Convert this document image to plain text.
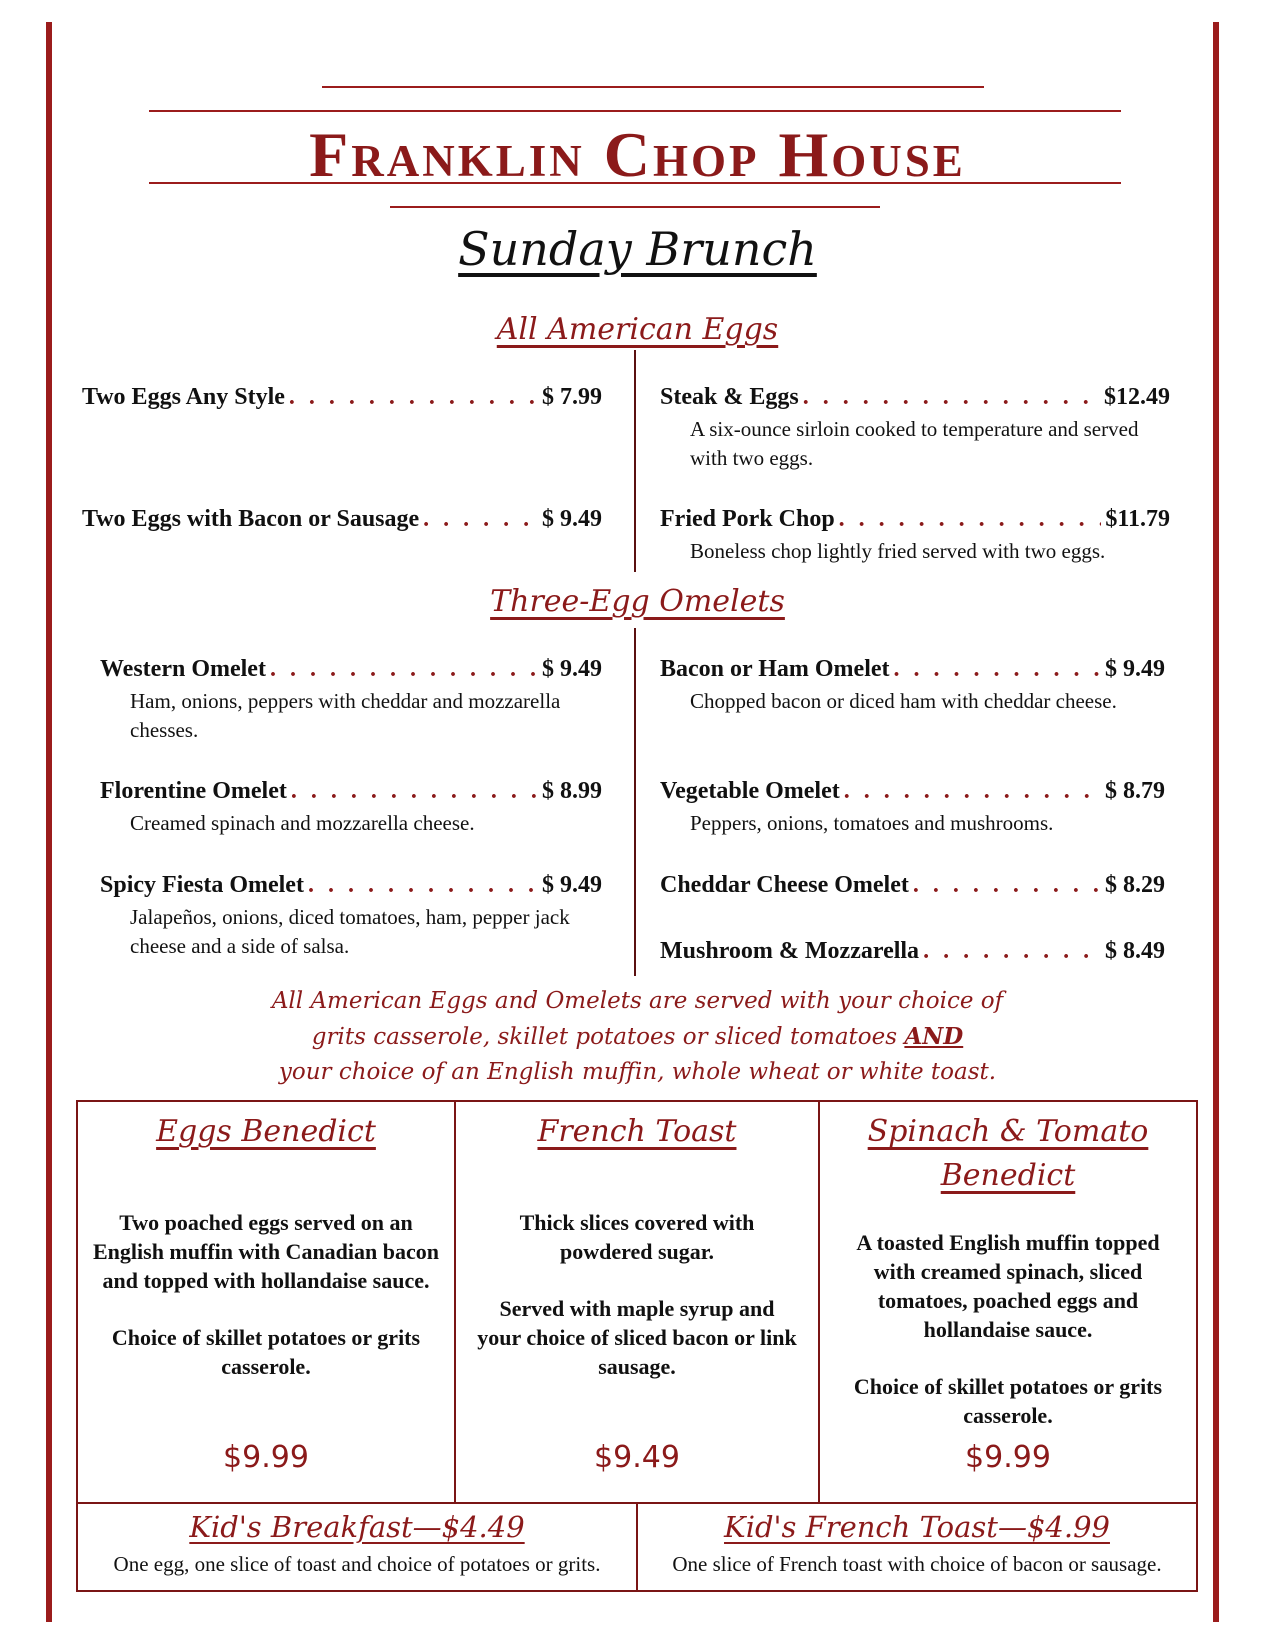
Franklin Chop House
Sunday Brunch
All American Eggs
Two Eggs Any Style . . .	$ 7.99
Two Eggs with Bacon or Sausage . . .	$ 9.49
Steak & Eggs . . .	$12.49
A six-ounce sirloin cooked to temperature and served with two eggs.
Fried Pork Chop . . .	$11.79
Boneless chop lightly fried served with two eggs.
Three-Egg Omelets
Western Omelet . . .	$ 9.49
Ham, onions, peppers with cheddar and mozzarella chesses.
Florentine Omelet . . .	$ 8.99
Creamed spinach and mozzarella cheese.
Spicy Fiesta Omelet . . .	$ 9.49
Jalapeños, onions, diced tomatoes, ham, pepper jack cheese and a side of salsa.
Bacon or Ham Omelet . . .	$ 9.49
Chopped bacon or diced ham with cheddar cheese.
Vegetable Omelet . . .	$ 8.79
Peppers, onions, tomatoes and mushrooms.
Cheddar Cheese Omelet . . .	$ 8.29
Mushroom & Mozzarella . . .	$ 8.49
All American Eggs and Omelets are served with your choice of
grits casserole, skillet potatoes or sliced tomatoes AND
your choice of an English muffin, whole wheat or white toast.
Eggs Benedict

Two poached eggs served on an English muffin with Canadian bacon and topped with hollandaise sauce.

Choice of skillet potatoes or grits casserole.

$9.99
French Toast

Thick slices covered with powdered sugar.

Served with maple syrup and your choice of sliced bacon or link sausage.

$9.49
Spinach & Tomato Benedict

A toasted English muffin topped with creamed spinach, sliced tomatoes, poached eggs and hollandaise sauce.

Choice of skillet potatoes or grits casserole.

$9.99
Kid's Breakfast—$4.49
One egg, one slice of toast and choice of potatoes or grits.
Kid's French Toast—$4.99
One slice of French toast with choice of bacon or sausage.
